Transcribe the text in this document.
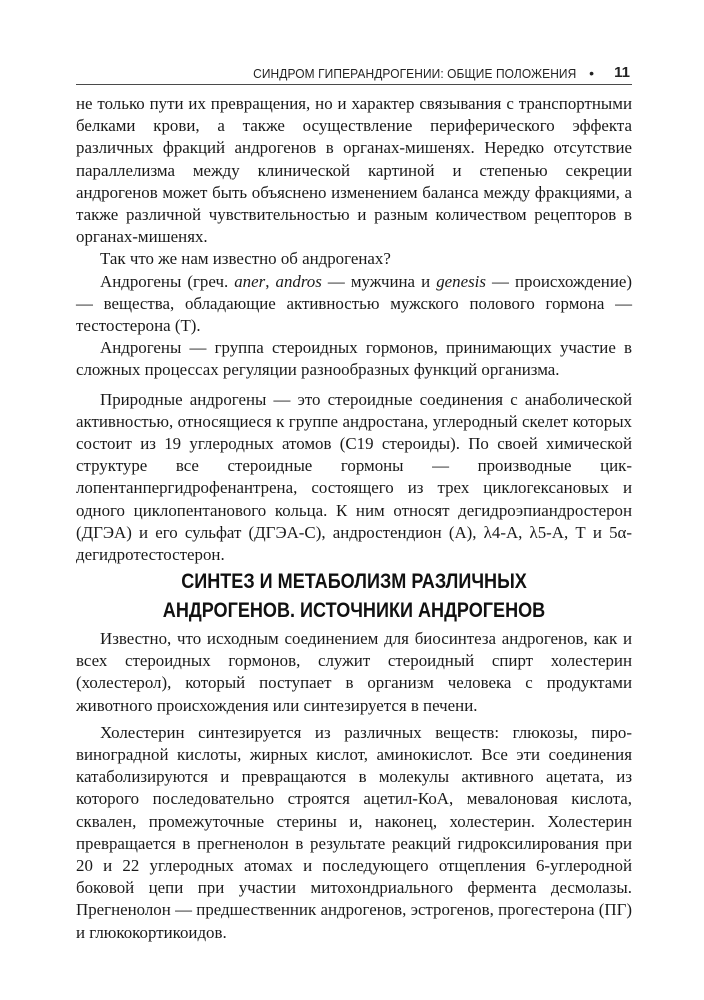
СИНДРОМ ГИПЕРАНДРОГЕНИИ: ОБЩИЕ ПОЛОЖЕНИЯ • 11

не только пути их превращения, но и характер связывания с транспортными белками крови, а также осуществление периферического эффекта различных фракций андрогенов в органах-мишенях. Нередко отсутствие параллелизма между клинической картиной и степенью секреции андрогенов может быть объяснено изменением баланса между фракциями, а также различной чувствительностью и разным количеством рецепторов в органах-мишенях.

Так что же нам известно об андрогенах?

Андрогены (греч. aner, andros — мужчина и genesis — происхождение) — вещества, обладающие активностью мужского полового гормона — тестостерона (Т).

Андрогены — группа стероидных гормонов, принимающих участие в сложных процессах регуляции разнообразных функций организма.

Природные андрогены — это стероидные соединения с анаболической активностью, относящиеся к группе андростана, углеродный скелет которых состоит из 19 углеродных атомов (С19 стероиды). По своей химической структуре все стероидные гормоны — производные циклопентанпергидрофенантрена, состоящего из трех циклогексановых и одного циклопентанового кольца. К ним относят дегидроэпиандростерон (ДГЭА) и его сульфат (ДГЭА-С), андростендион (А), λ4-А, λ5-А, Т и 5α-дегидротестостерон.

СИНТЕЗ И МЕТАБОЛИЗМ РАЗЛИЧНЫХ
АНДРОГЕНОВ. ИСТОЧНИКИ АНДРОГЕНОВ

Известно, что исходным соединением для биосинтеза андрогенов, как и всех стероидных гормонов, служит стероидный спирт холестерин (холестерол), который поступает в организм человека с продуктами животного происхождения или синтезируется в печени.

Холестерин синтезируется из различных веществ: глюкозы, пировиноградной кислоты, жирных кислот, аминокислот. Все эти соединения катаболизируются и превращаются в молекулы активного ацетата, из которого последовательно строятся ацетил-КоА, мевалоновая кислота, сквален, промежуточные стерины и, наконец, холестерин. Холестерин превращается в прегненолон в результате реакций гидроксилирования при 20 и 22 углеродных атомах и последующего отщепления 6-углеродной боковой цепи при участии митохондриального фермента десмолазы. Прегненолон — предшественник андрогенов, эстрогенов, прогестерона (ПГ) и глюкокортикоидов.
